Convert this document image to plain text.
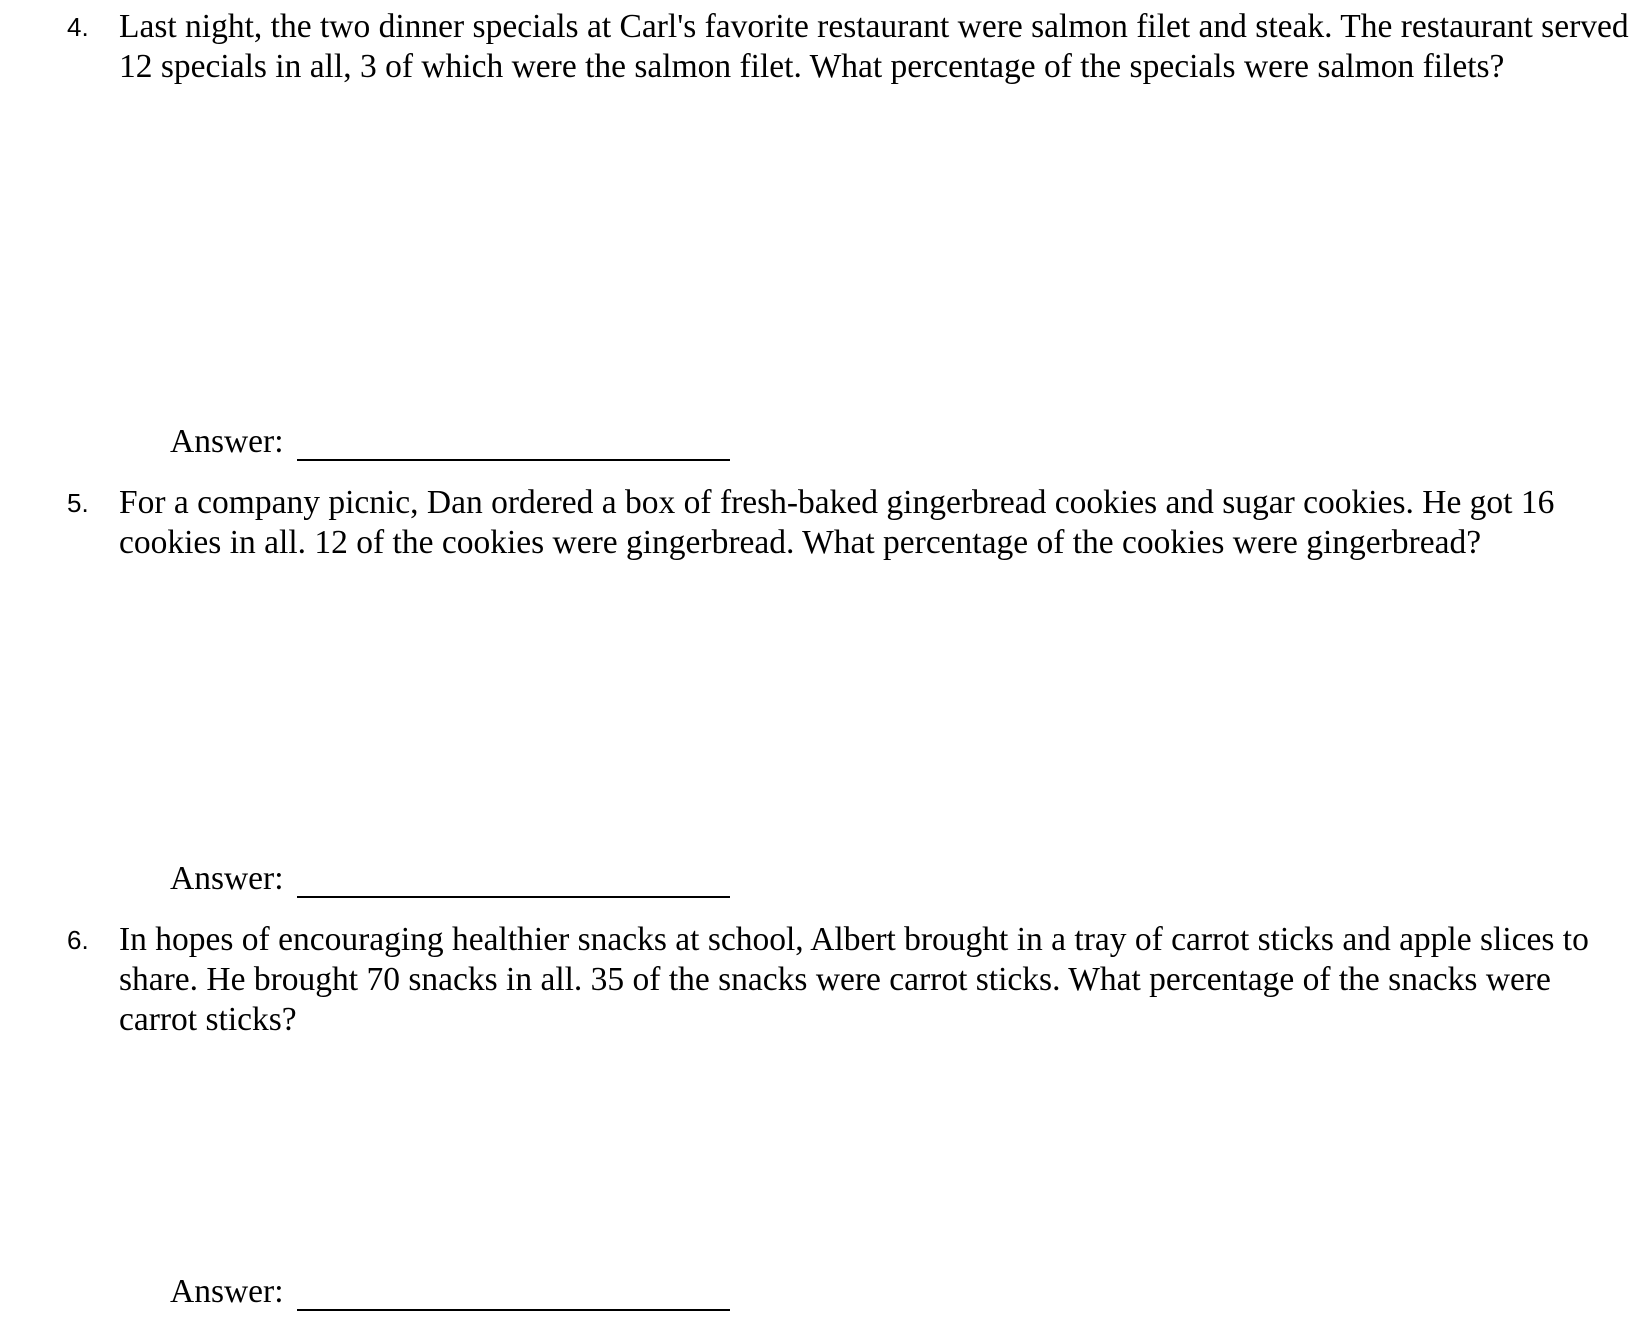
4. Last night, the two dinner specials at Carl's favorite restaurant were salmon filet and steak. The restaurant served 12 specials in all, 3 of which were the salmon filet. What percentage of the specials were salmon filets?

Answer:
5. For a company picnic, Dan ordered a box of fresh-baked gingerbread cookies and sugar cookies. He got 16 cookies in all. 12 of the cookies were gingerbread. What percentage of the cookies were gingerbread?

Answer:
6. In hopes of encouraging healthier snacks at school, Albert brought in a tray of carrot sticks and apple slices to share. He brought 70 snacks in all. 35 of the snacks were carrot sticks. What percentage of the snacks were carrot sticks?

Answer:
